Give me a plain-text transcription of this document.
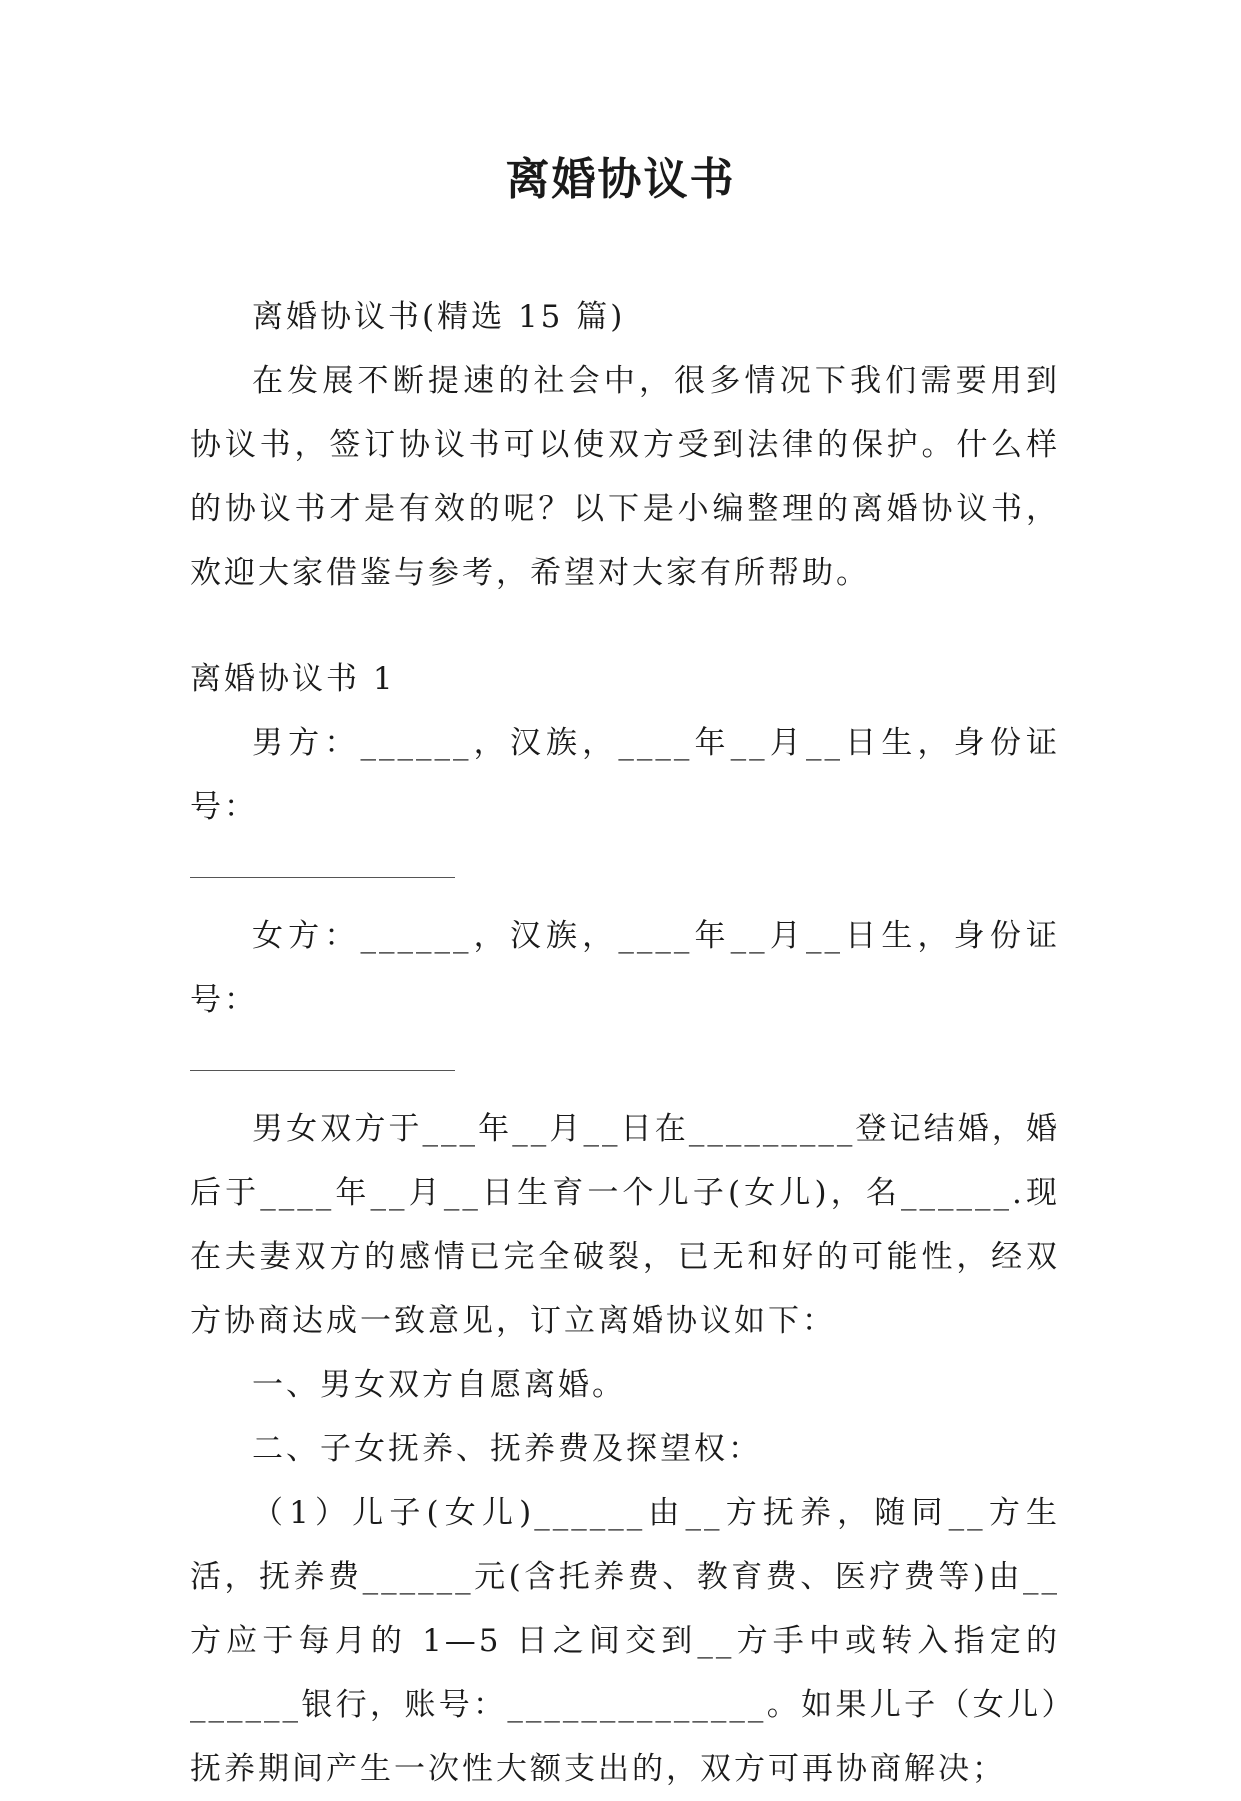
离婚协议书

离婚协议书(精选 15 篇)

在发展不断提速的社会中，很多情况下我们需要用到协议书，签订协议书可以使双方受到法律的保护。什么样的协议书才是有效的呢？以下是小编整理的离婚协议书，欢迎大家借鉴与参考，希望对大家有所帮助。

离婚协议书 1

男方：______，汉族，____年__月__日生，身份证号：

女方：______，汉族，____年__月__日生，身份证号：

男女双方于___年__月__日在_________登记结婚，婚后于____年__月__日生育一个儿子(女儿)，名______.现在夫妻双方的感情已完全破裂，已无和好的可能性，经双方协商达成一致意见，订立离婚协议如下：

一、男女双方自愿离婚。

二、子女抚养、抚养费及探望权：

（1）儿子(女儿)______由__方抚养，随同__方生活，抚养费______元(含托养费、教育费、医疗费等)由__方应于每月的 1—5 日之间交到__方手中或转入指定的______银行，账号：______________。如果儿子（女儿）抚养期间产生一次性大额支出的，双方可再协商解决；
